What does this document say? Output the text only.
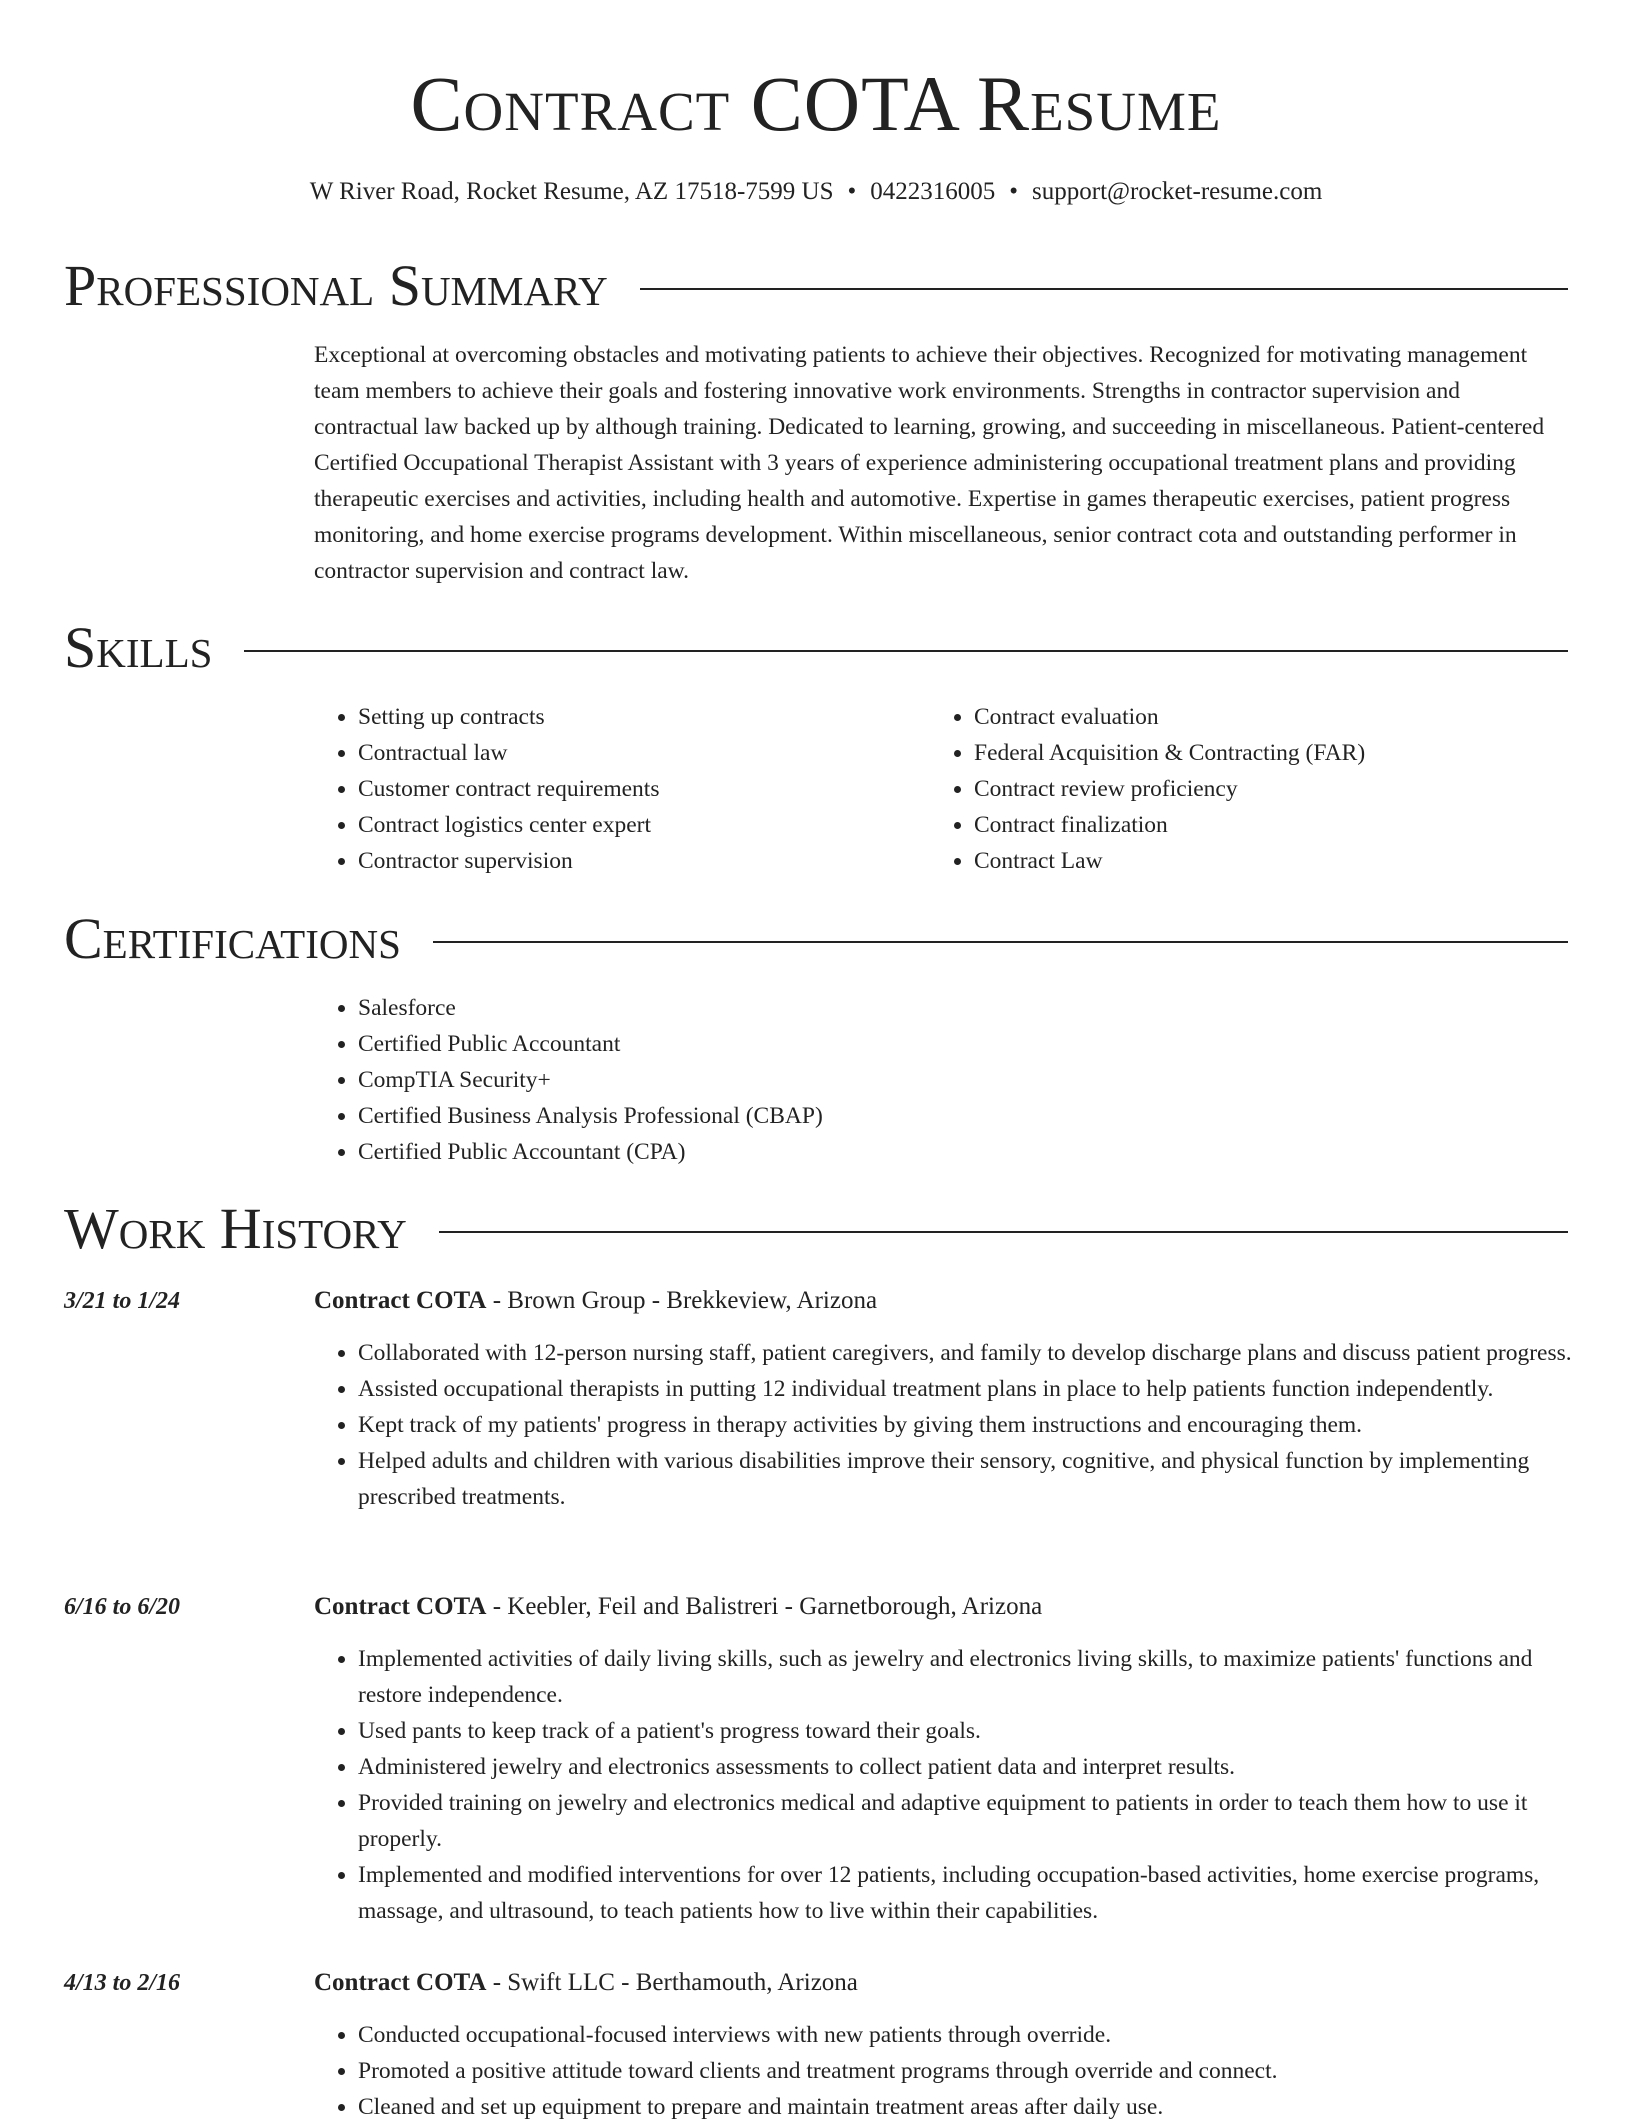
Contract COTA Resume
W River Road, Rocket Resume, AZ 17518-7599 US • 0422316005 • support@rocket-resume.com
Professional Summary

Exceptional at overcoming obstacles and motivating patients to achieve their objectives. Recognized for motivating management team members to achieve their goals and fostering innovative work environments. Strengths in contractor supervision and contractual law backed up by although training. Dedicated to learning, growing, and succeeding in miscellaneous. Patient-centered Certified Occupational Therapist Assistant with 3 years of experience administering occupational treatment plans and providing therapeutic exercises and activities, including health and automotive. Expertise in games therapeutic exercises, patient progress monitoring, and home exercise programs development. Within miscellaneous, senior contract cota and outstanding performer in contractor supervision and contract law.

Skills
• Setting up contracts
• Contractual law
• Customer contract requirements
• Contract logistics center expert
• Contractor supervision
• Contract evaluation
• Federal Acquisition & Contracting (FAR)
• Contract review proficiency
• Contract finalization
• Contract Law
Certifications
• Salesforce
• Certified Public Accountant
• CompTIA Security+
• Certified Business Analysis Professional (CBAP)
• Certified Public Accountant (CPA)
Work History
3/21 to 1/24	Contract COTA - Brown Group - Brekkeview, Arizona
• Collaborated with 12-person nursing staff, patient caregivers, and family to develop discharge plans and discuss patient progress.
• Assisted occupational therapists in putting 12 individual treatment plans in place to help patients function independently.
• Kept track of my patients' progress in therapy activities by giving them instructions and encouraging them.
• Helped adults and children with various disabilities improve their sensory, cognitive, and physical function by implementing prescribed treatments.
6/16 to 6/20	Contract COTA - Keebler, Feil and Balistreri - Garnetborough, Arizona
• Implemented activities of daily living skills, such as jewelry and electronics living skills, to maximize patients' functions and restore independence.
• Used pants to keep track of a patient's progress toward their goals.
• Administered jewelry and electronics assessments to collect patient data and interpret results.
• Provided training on jewelry and electronics medical and adaptive equipment to patients in order to teach them how to use it properly.
• Implemented and modified interventions for over 12 patients, including occupation-based activities, home exercise programs, massage, and ultrasound, to teach patients how to live within their capabilities.
4/13 to 2/16	Contract COTA - Swift LLC - Berthamouth, Arizona
• Conducted occupational-focused interviews with new patients through override.
• Promoted a positive attitude toward clients and treatment programs through override and connect.
• Cleaned and set up equipment to prepare and maintain treatment areas after daily use.
